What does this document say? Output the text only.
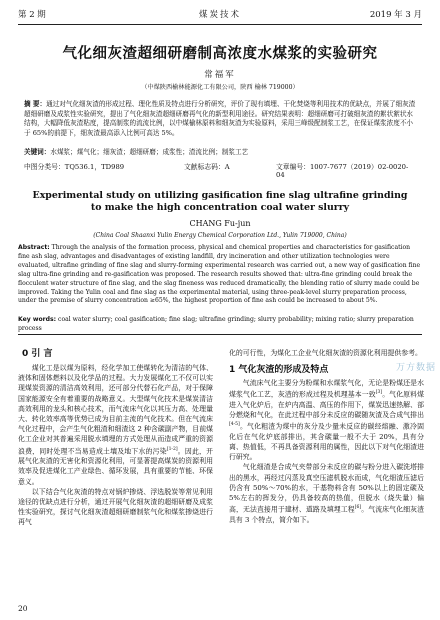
第 2 期	煤炭技术	2019 年 3 月
气化细灰渣超细研磨制高浓度水煤浆的实验研究
常福军
（中煤陕西榆林能源化工有限公司，陕西 榆林 719000）
摘 要：通过对气化细灰渣的形成过程、理化性质及特点进行分析研究，评价了现有填埋、干化焚烧等利用技术的优缺点，并展了细灰渣超细研磨及成浆性实验研究，提出了气化细灰渣超细研磨再气化的新型利用途径。研究结果表明：超细研磨可打破细灰渣的絮状絮状水结构，大幅降低灰渣粘度，提高制浆的流流比例，以中煤榆林原料和细灰渣为实验原料，采用三峰级配制浆工艺，在保证煤浆浓度不小于 65%的前提下，细灰渣最高添入比例可高达 5%。
关键词：水煤浆；煤气化；细灰渣；超细研磨；成浆性；渣流比例；制浆工艺
中图分类号：TQ536.1，TD989	文献标志码：A	文章编号：1007-7677（2019）02-0020-04
Experimental study on utilizing gasification fine slag ultrafine grinding to make the high concentration coal water slurry
CHANG Fu-jun
(China Coal Shaanxi Yulin Energy Chemical Corporation Ltd., Yulin 719000, China)
Abstract: Through the analysis of the formation process, physical and chemical properties and characteristics for gasification fine ash slag, advantages and disadvantages of existing landfill, dry incineration and other utilization technologies were evaluated, ultrafine grinding of fine slag and slurry-forming experimental research was carried out, a new way of gasification fine slag ultra-fine grinding and re-gasification was proposed. The research results showed that: ultra-fine grinding could break the flocculent water structure of fine slag, and the slag fineness was reduced dramatically, the blending ratio of slurry made could be improved. Taking the Yulin coal and fine slag as the experimental material, using three-peak-level slurry preparation process, under the premise of slurry concentration ≥65%, the highest proportion of fine ash could be increased to about 5%.
Key words: coal water slurry; coal gasification; fine slag; ultrafine grinding; slurry probability; mixing ratio; slurry preparation process
0 引 言

煤化工是以煤为原料，经化学加工使煤转化为清洁的气体、液体和固体燃料以及化学品的过程。大力发展煤化工不仅可以实现煤炭资源的清洁高效利用，还可部分代替石化产品，对于保障国家能源安全有着重要的战略意义。大型煤气化技术是煤炭清洁高效利用的龙头和核心技术，而气流床气化以其压力高、处理量大、转化效率高等优势已成为目前主流的气化技术。但在气流床气化过程中，会产生气化粗渣和细渣这 2 种含碳副产物，目前煤化工企业对其普遍采用脱水填埋的方式处理从而造成严重的资源浪费，同时处理不当易造成土壤及地下水的污染[1-2]。因此，开展气化灰渣的无害化和资源化利用，可显著提高煤炭的资源利用效率及促进煤化工产业绿色、循环发展，具有重要的节能、环保意义。

以下结合气化灰渣的特点对锅炉掺烧、浮选脱炭等常见利用途径的优缺点进行分析，通过开展气化细灰渣的超细研磨及成浆性实验研究，探讨气化细灰渣超细研磨制浆气化和煤浆掺烧进行再气

化的可行性，为煤化工企业气化细灰渣的资源化利用提供参考。

1 气化灰渣的形成及特点

气流床气化主要分为粉煤和水煤浆气化，无论是粉煤还是水煤浆气化工艺，灰渣的形成过程及机理基本一致[3]。气化原料煤进入气化炉后，在炉内高温、高压的作用下，煤炭迅速热解、部分燃烧和气化，在此过程中部分未反应的碳随灰渣及合成气排出[4-5]。气化粗渣为煤中的灰分及少量未反应的碳经熔融、激冷固化后在气化炉底部排出，其含碳量一般不大于 20%，具有分离、热值低，不再具备资源利用的属性，因此以下对气化细渣进行研究。

气化细渣是合成气夹带部分未反应的碳与粉分进入碳洗塔排出的黑水，再经过闪蒸及真空压滤机脱水而成，气化细渣压滤后仍含有 50%～70%的水，干基物料含有 50%以上的固定碳及 5%左右的挥发分，仍具备较高的热值，但脱水（烧失量）偏高，无法直接用于建材、道路及填埋工程[6]。气流床气化细灰渣具有 3 个特点，简介如下。

万方数据
20
